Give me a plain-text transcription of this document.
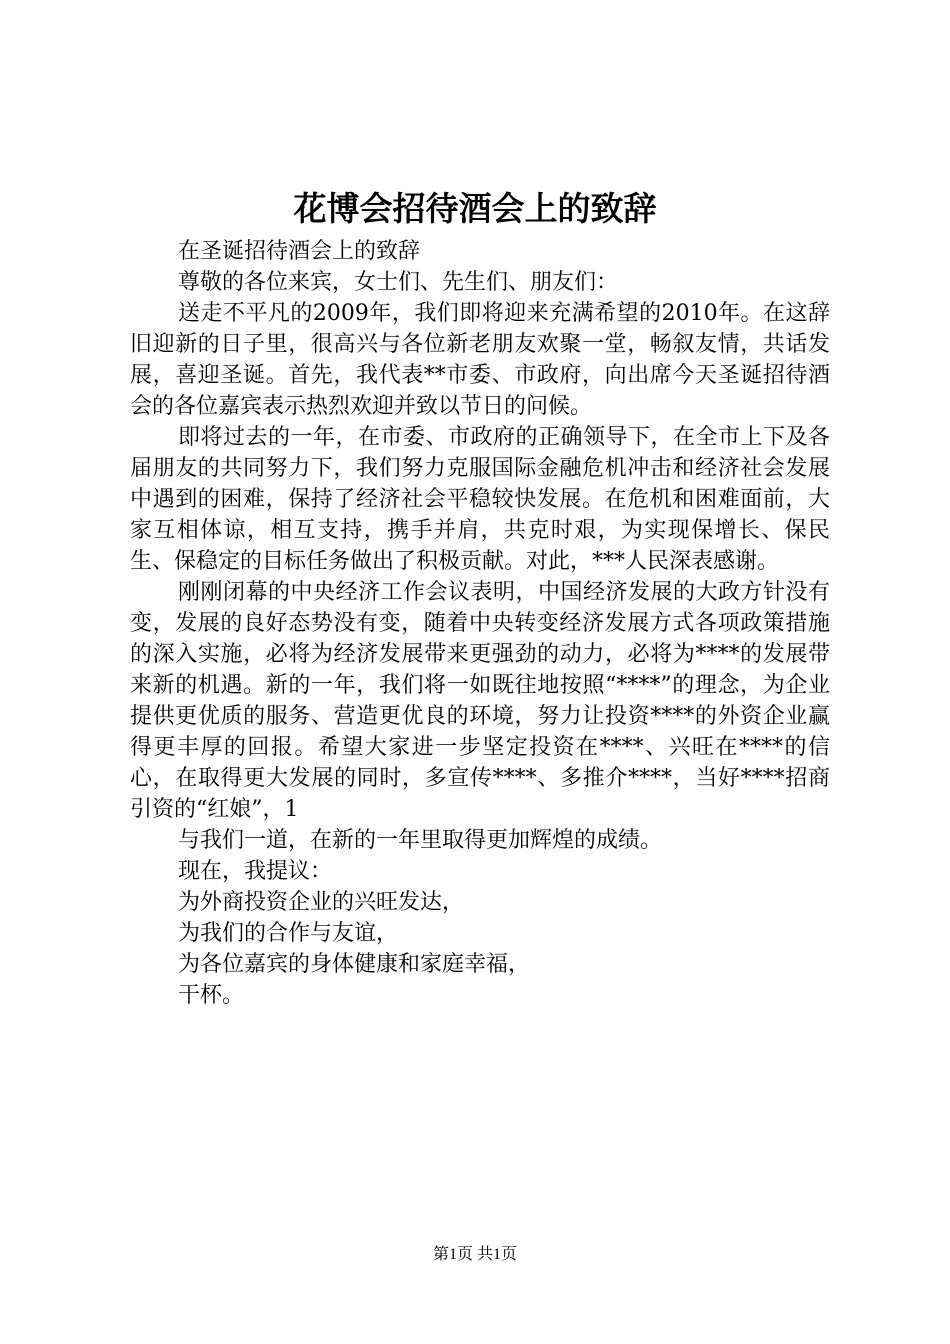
花博会招待酒会上的致辞

在圣诞招待酒会上的致辞

尊敬的各位来宾，女士们、先生们、朋友们：

送走不平凡的2009年，我们即将迎来充满希望的2010年。在这辞旧迎新的日子里，很高兴与各位新老朋友欢聚一堂，畅叙友情，共话发展，喜迎圣诞。首先，我代表**市委、市政府，向出席今天圣诞招待酒会的各位嘉宾表示热烈欢迎并致以节日的问候。

即将过去的一年，在市委、市政府的正确领导下，在全市上下及各届朋友的共同努力下，我们努力克服国际金融危机冲击和经济社会发展中遇到的困难，保持了经济社会平稳较快发展。在危机和困难面前，大家互相体谅，相互支持，携手并肩，共克时艰，为实现保增长、保民生、保稳定的目标任务做出了积极贡献。对此，***人民深表感谢。

刚刚闭幕的中央经济工作会议表明，中国经济发展的大政方针没有变，发展的良好态势没有变，随着中央转变经济发展方式各项政策措施的深入实施，必将为经济发展带来更强劲的动力，必将为****的发展带来新的机遇。新的一年，我们将一如既往地按照“****”的理念，为企业提供更优质的服务、营造更优良的环境，努力让投资****的外资企业赢得更丰厚的回报。希望大家进一步坚定投资在****、兴旺在****的信心，在取得更大发展的同时，多宣传****、多推介****，当好****招商引资的“红娘”，1

与我们一道，在新的一年里取得更加辉煌的成绩。

现在，我提议：

为外商投资企业的兴旺发达，

为我们的合作与友谊，

为各位嘉宾的身体健康和家庭幸福，

干杯。

第1页 共1页
